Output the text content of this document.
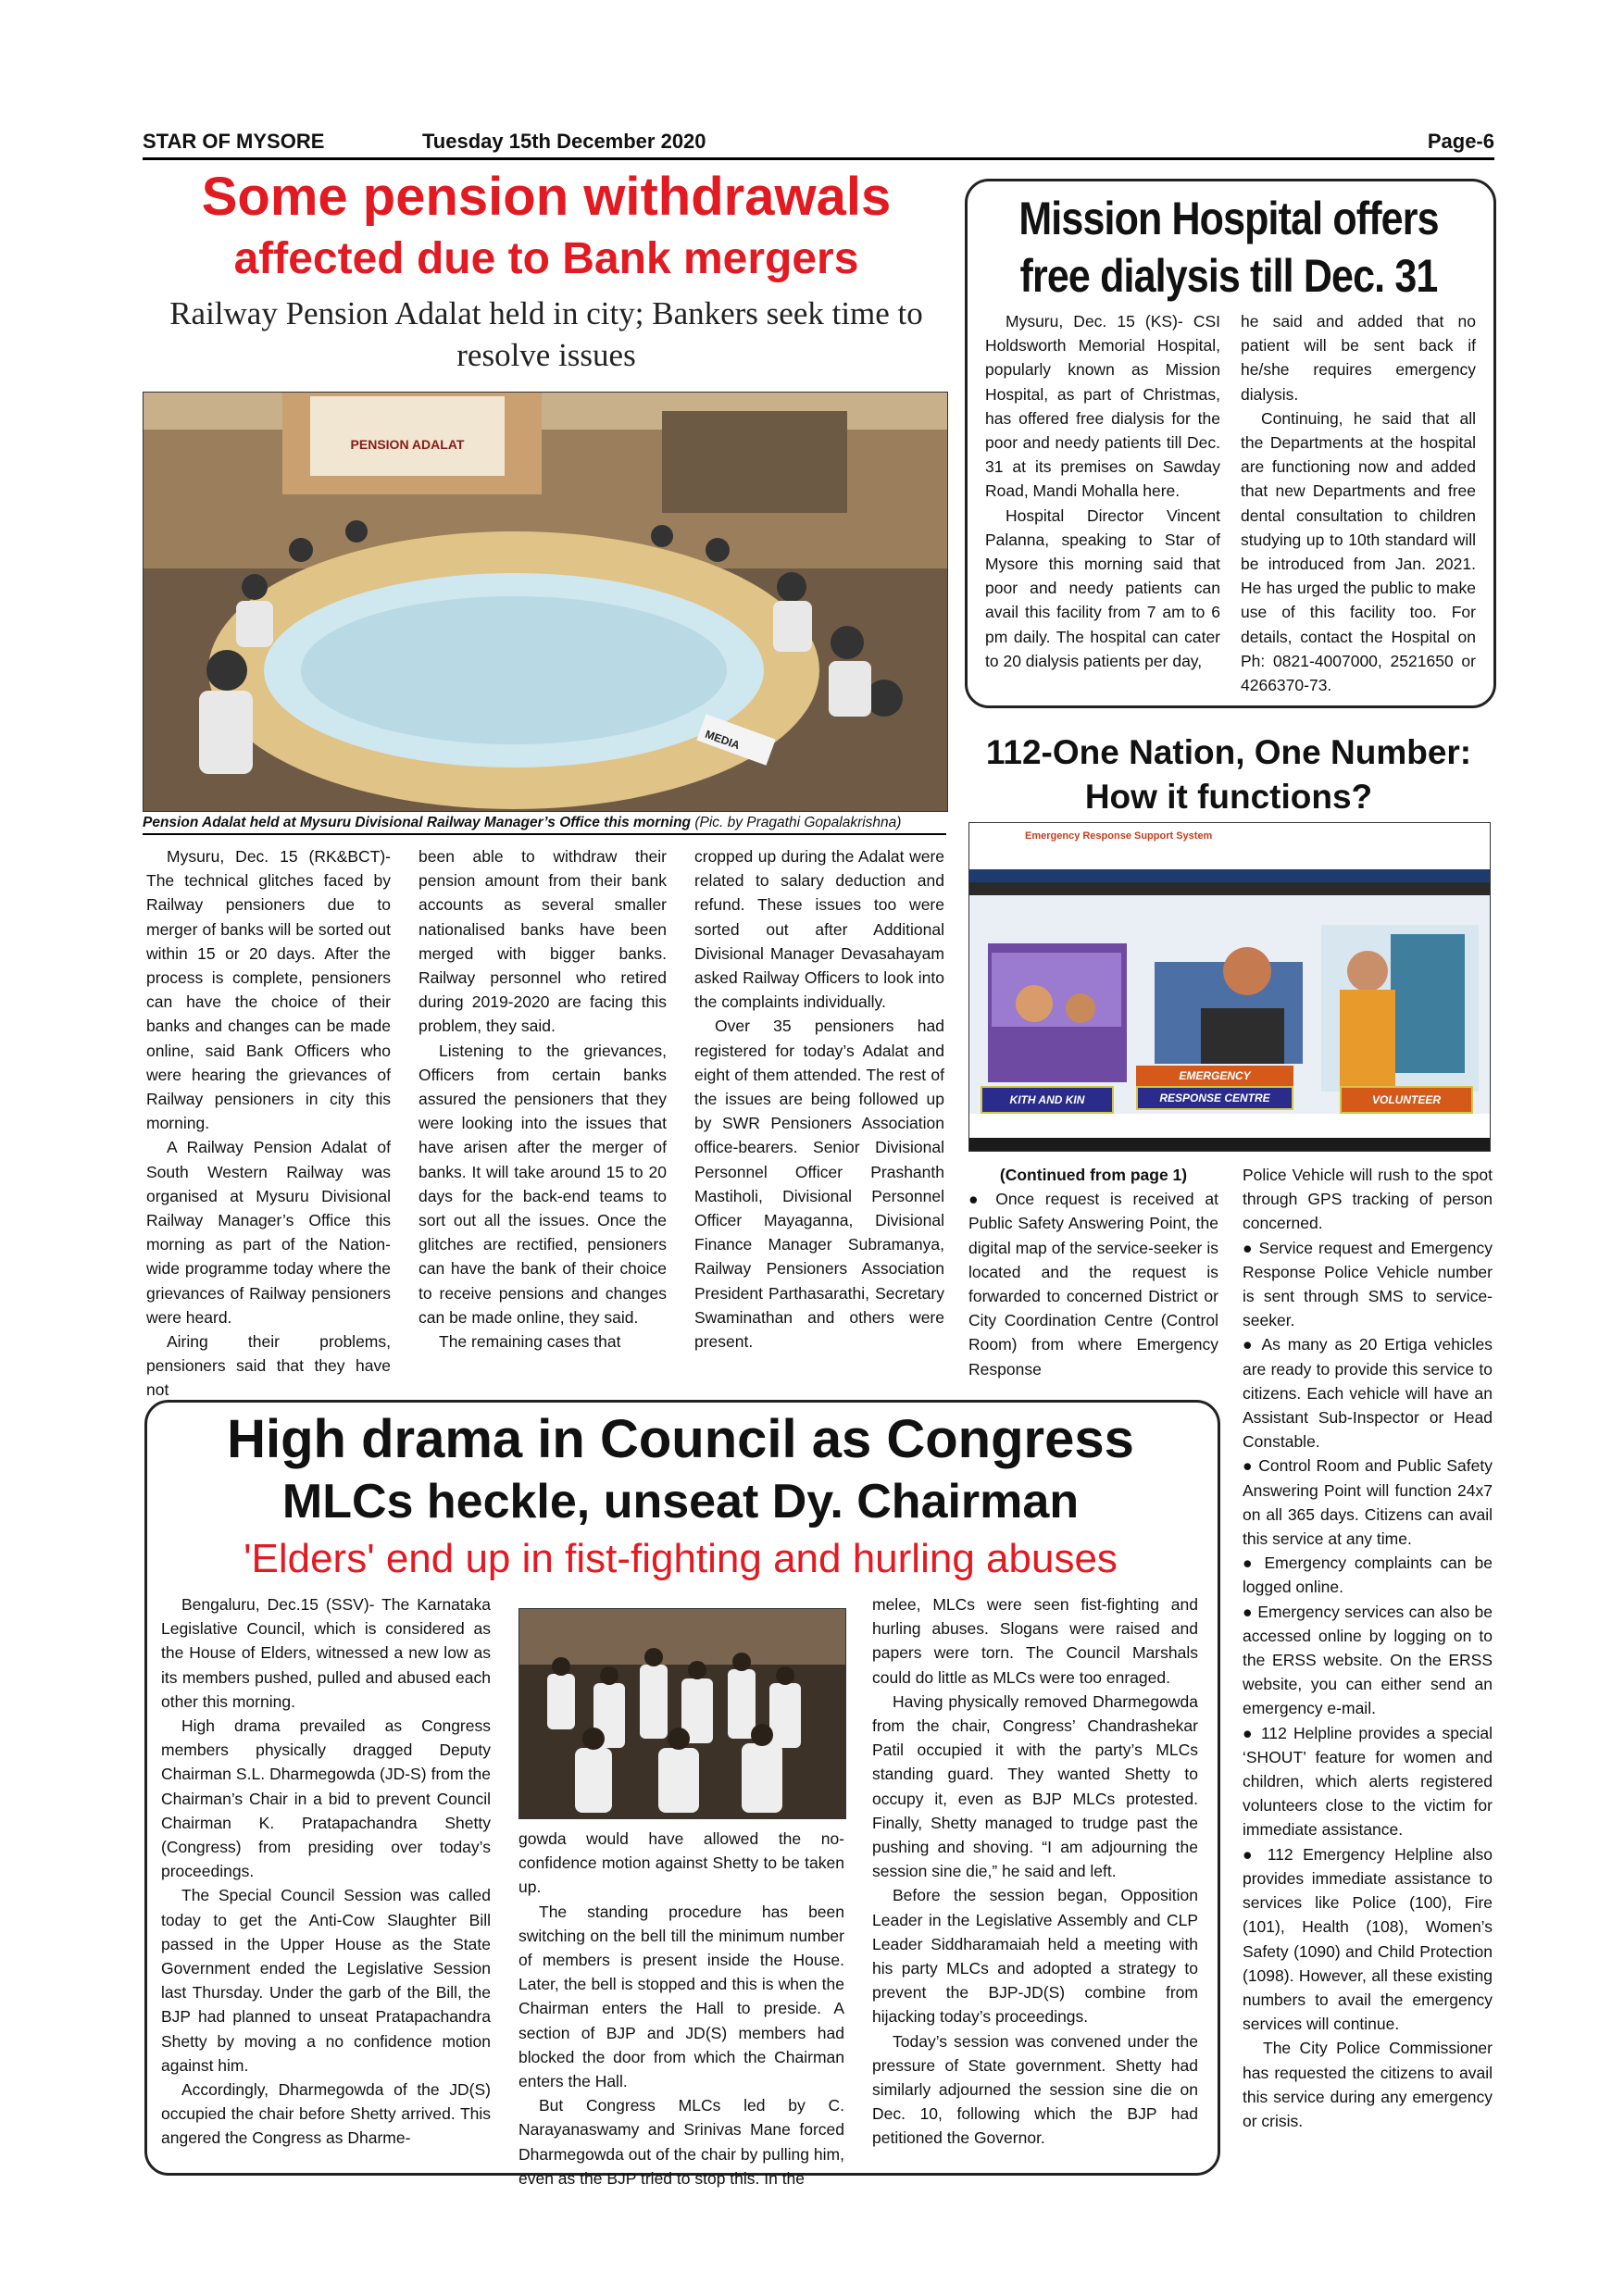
STAR OF MYSORE	Tuesday 15th December 2020	Page-6
Some pension withdrawals
affected due to Bank mergers
Railway Pension Adalat held in city; Bankers seek time to resolve issues
PENSION ADALAT
MEDIA
Pension Adalat held at Mysuru Divisional Railway Manager’s Office this morning (Pic. by Pragathi Gopalakrishna)

Mysuru, Dec. 15 (RK&BCT)- The technical glitches faced by Railway pensioners due to merger of banks will be sorted out within 15 or 20 days. After the process is complete, pensioners can have the choice of their banks and changes can be made online, said Bank Officers who were hearing the grievances of Railway pensioners in city this morning.

A Railway Pension Adalat of South Western Railway was organised at Mysuru Divisional Railway Manager’s Office this morning as part of the Nation-wide programme today where the grievances of Railway pensioners were heard.

Airing their problems, pensioners said that they have not

been able to withdraw their pension amount from their bank accounts as several smaller nationalised banks have been merged with bigger banks. Railway personnel who retired during 2019-2020 are facing this problem, they said.

Listening to the grievances, Officers from certain banks assured the pensioners that they were looking into the issues that have arisen after the merger of banks. It will take around 15 to 20 days for the back-end teams to sort out all the issues. Once the glitches are rectified, pensioners can have the bank of their choice to receive pensions and changes can be made online, they said.

The remaining cases that

cropped up during the Adalat were related to salary deduction and refund. These issues too were sorted out after Additional Divisional Manager Devasahayam asked Railway Officers to look into the complaints individually.

Over 35 pensioners had registered for today’s Adalat and eight of them attended. The rest of the issues are being followed up by SWR Pensioners Association office-bearers. Senior Divisional Personnel Officer Prashanth Mastiholi, Divisional Personnel Officer Mayaganna, Divisional Finance Manager Subramanya, Railway Pensioners Association President Parthasarathi, Secretary Swaminathan and others were present.

Mission Hospital offers
free dialysis till Dec. 31

Mysuru, Dec. 15 (KS)- CSI Holdsworth Memorial Hospital, popularly known as Mission Hospital, as part of Christmas, has offered free dialysis for the poor and needy patients till Dec. 31 at its premises on Sawday Road, Mandi Mohalla here.

Hospital Director Vincent Palanna, speaking to Star of Mysore this morning said that poor and needy patients can avail this facility from 7 am to 6 pm daily. The hospital can cater to 20 dialysis patients per day,

he said and added that no patient will be sent back if he/she requires emergency dialysis.

Continuing, he said that all the Departments at the hospital are functioning now and added that new Departments and free dental consultation to children studying up to 10th standard will be introduced from Jan. 2021. He has urged the public to make use of this facility too. For details, contact the Hospital on Ph: 0821-4007000, 2521650 or 4266370-73.

112-One Nation, One Number:
How it functions?
Emergency Response Support System
KITH AND KIN
EMERGENCY
RESPONSE CENTRE	VOLUNTEER

(Continued from page 1)

● Once request is received at Public Safety Answering Point, the digital map of the service-seeker is located and the request is forwarded to concerned District or City Coordination Centre (Control Room) from where Emergency Response

Police Vehicle will rush to the spot through GPS tracking of person concerned.

● Service request and Emergency Response Police Vehicle number is sent through SMS to service-seeker.

● As many as 20 Ertiga vehicles are ready to provide this service to citizens. Each vehicle will have an Assistant Sub-Inspector or Head Constable.

● Control Room and Public Safety Answering Point will function 24x7 on all 365 days. Citizens can avail this service at any time.

● Emergency complaints can be logged online.

● Emergency services can also be accessed online by logging on to the ERSS website. On the ERSS website, you can either send an emergency e-mail.

● 112 Helpline provides a special ‘SHOUT’ feature for women and children, which alerts registered volunteers close to the victim for immediate assistance.

● 112 Emergency Helpline also provides immediate assistance to services like Police (100), Fire (101), Health (108), Women’s Safety (1090) and Child Protection (1098). However, all these existing numbers to avail the emergency services will continue.

The City Police Commissioner has requested the citizens to avail this service during any emergency or crisis.

High drama in Council as Congress
MLCs heckle, unseat Dy. Chairman
'Elders' end up in fist-fighting and hurling abuses

Bengaluru, Dec.15 (SSV)- The Karnataka Legislative Council, which is considered as the House of Elders, witnessed a new low as its members pushed, pulled and abused each other this morning.

High drama prevailed as Congress members physically dragged Deputy Chairman S.L. Dharmegowda (JD-S) from the Chairman’s Chair in a bid to prevent Council Chairman K. Pratapachandra Shetty (Congress) from presiding over today’s proceedings.

The Special Council Session was called today to get the Anti-Cow Slaughter Bill passed in the Upper House as the State Government ended the Legislative Session last Thursday. Under the garb of the Bill, the BJP had planned to unseat Pratapachandra Shetty by moving a no confidence motion against him.

Accordingly, Dharmegowda of the JD(S) occupied the chair before Shetty arrived. This angered the Congress as Dharme-

gowda would have allowed the no-confidence motion against Shetty to be taken up.

The standing procedure has been switching on the bell till the minimum number of members is present inside the House. Later, the bell is stopped and this is when the Chairman enters the Hall to preside. A section of BJP and JD(S) members had blocked the door from which the Chairman enters the Hall.

But Congress MLCs led by C. Narayanaswamy and Srinivas Mane forced Dharmegowda out of the chair by pulling him, even as the BJP tried to stop this. In the

melee, MLCs were seen fist-fighting and hurling abuses. Slogans were raised and papers were torn. The Council Marshals could do little as MLCs were too enraged.

Having physically removed Dharmegowda from the chair, Congress’ Chandrashekar Patil occupied it with the party’s MLCs standing guard. They wanted Shetty to occupy it, even as BJP MLCs protested. Finally, Shetty managed to trudge past the pushing and shoving. “I am adjourning the session sine die,” he said and left.

Before the session began, Opposition Leader in the Legislative Assembly and CLP Leader Siddharamaiah held a meeting with his party MLCs and adopted a strategy to prevent the BJP-JD(S) combine from hijacking today’s proceedings.

Today’s session was convened under the pressure of State government. Shetty had similarly adjourned the session sine die on Dec. 10, following which the BJP had petitioned the Governor.
